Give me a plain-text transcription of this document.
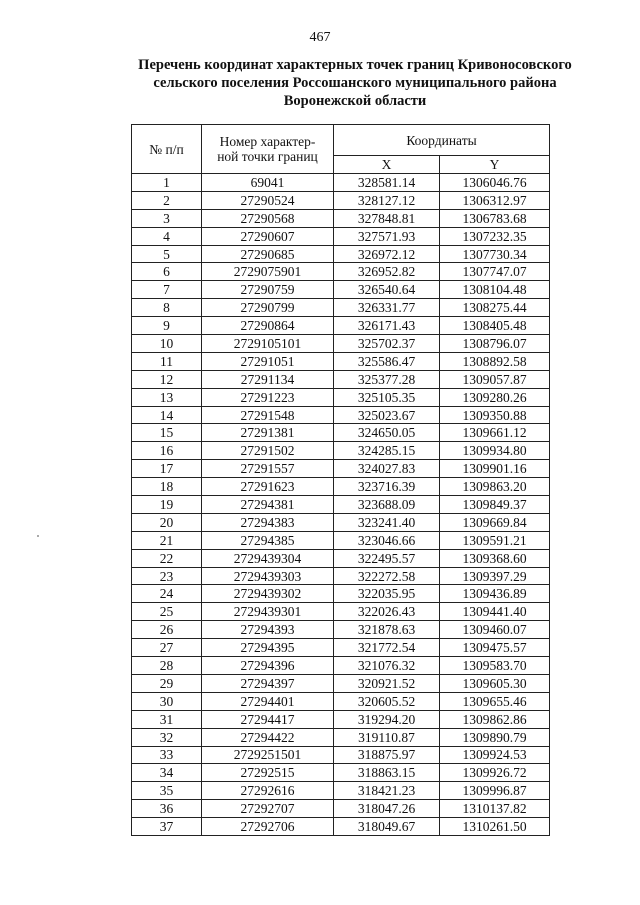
467
Перечень координат характерных точек границ Кривоносовского
сельского поселения Россошанского муниципального района
Воронежской области
№ п/п	Номер характер-
ной точки границ	Координаты	
		X	Y
1	69041	328581.14	1306046.76
2	27290524	328127.12	1306312.97
3	27290568	327848.81	1306783.68
4	27290607	327571.93	1307232.35
5	27290685	326972.12	1307730.34
6	2729075901	326952.82	1307747.07
7	27290759	326540.64	1308104.48
8	27290799	326331.77	1308275.44
9	27290864	326171.43	1308405.48
10	2729105101	325702.37	1308796.07
11	27291051	325586.47	1308892.58
12	27291134	325377.28	1309057.87
13	27291223	325105.35	1309280.26
14	27291548	325023.67	1309350.88
15	27291381	324650.05	1309661.12
16	27291502	324285.15	1309934.80
17	27291557	324027.83	1309901.16
18	27291623	323716.39	1309863.20
19	27294381	323688.09	1309849.37
20	27294383	323241.40	1309669.84
21	27294385	323046.66	1309591.21
22	2729439304	322495.57	1309368.60
23	2729439303	322272.58	1309397.29
24	2729439302	322035.95	1309436.89
25	2729439301	322026.43	1309441.40
26	27294393	321878.63	1309460.07
27	27294395	321772.54	1309475.57
28	27294396	321076.32	1309583.70
29	27294397	320921.52	1309605.30
30	27294401	320605.52	1309655.46
31	27294417	319294.20	1309862.86
32	27294422	319110.87	1309890.79
33	2729251501	318875.97	1309924.53
34	27292515	318863.15	1309926.72
35	27292616	318421.23	1309996.87
36	27292707	318047.26	1310137.82
37	27292706	318049.67	1310261.50
